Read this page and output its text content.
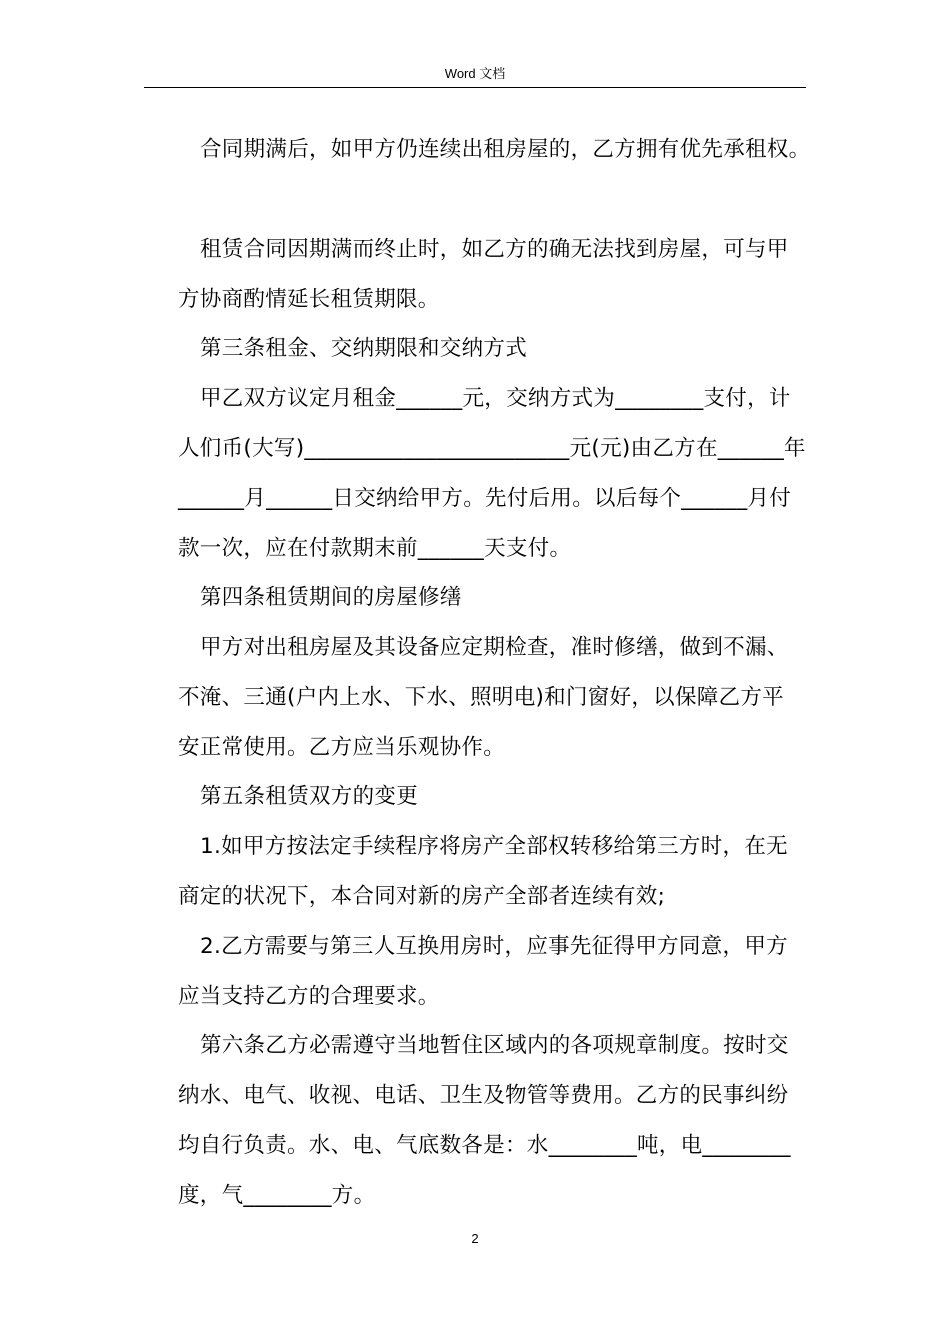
Word 文档
合同期满后，如甲方仍连续出租房屋的，乙方拥有优先承租权。
租赁合同因期满而终止时，如乙方的确无法找到房屋，可与甲
方协商酌情延长租赁期限。
第三条租金、交纳期限和交纳方式
甲乙双方议定月租金______元，交纳方式为________支付，计
人们币(大写)________________________元(元)由乙方在______年
______月______日交纳给甲方。先付后用。以后每个______月付
款一次，应在付款期末前______天支付。
第四条租赁期间的房屋修缮
甲方对出租房屋及其设备应定期检查，准时修缮，做到不漏、
不淹、三通(户内上水、下水、照明电)和门窗好，以保障乙方平
安正常使用。乙方应当乐观协作。
第五条租赁双方的变更
1.如甲方按法定手续程序将房产全部权转移给第三方时，在无
商定的状况下，本合同对新的房产全部者连续有效;
2.乙方需要与第三人互换用房时，应事先征得甲方同意，甲方
应当支持乙方的合理要求。
第六条乙方必需遵守当地暂住区域内的各项规章制度。按时交
纳水、电气、收视、电话、卫生及物管等费用。乙方的民事纠纷
均自行负责。水、电、气底数各是：水________吨，电________
度，气________方。
2
